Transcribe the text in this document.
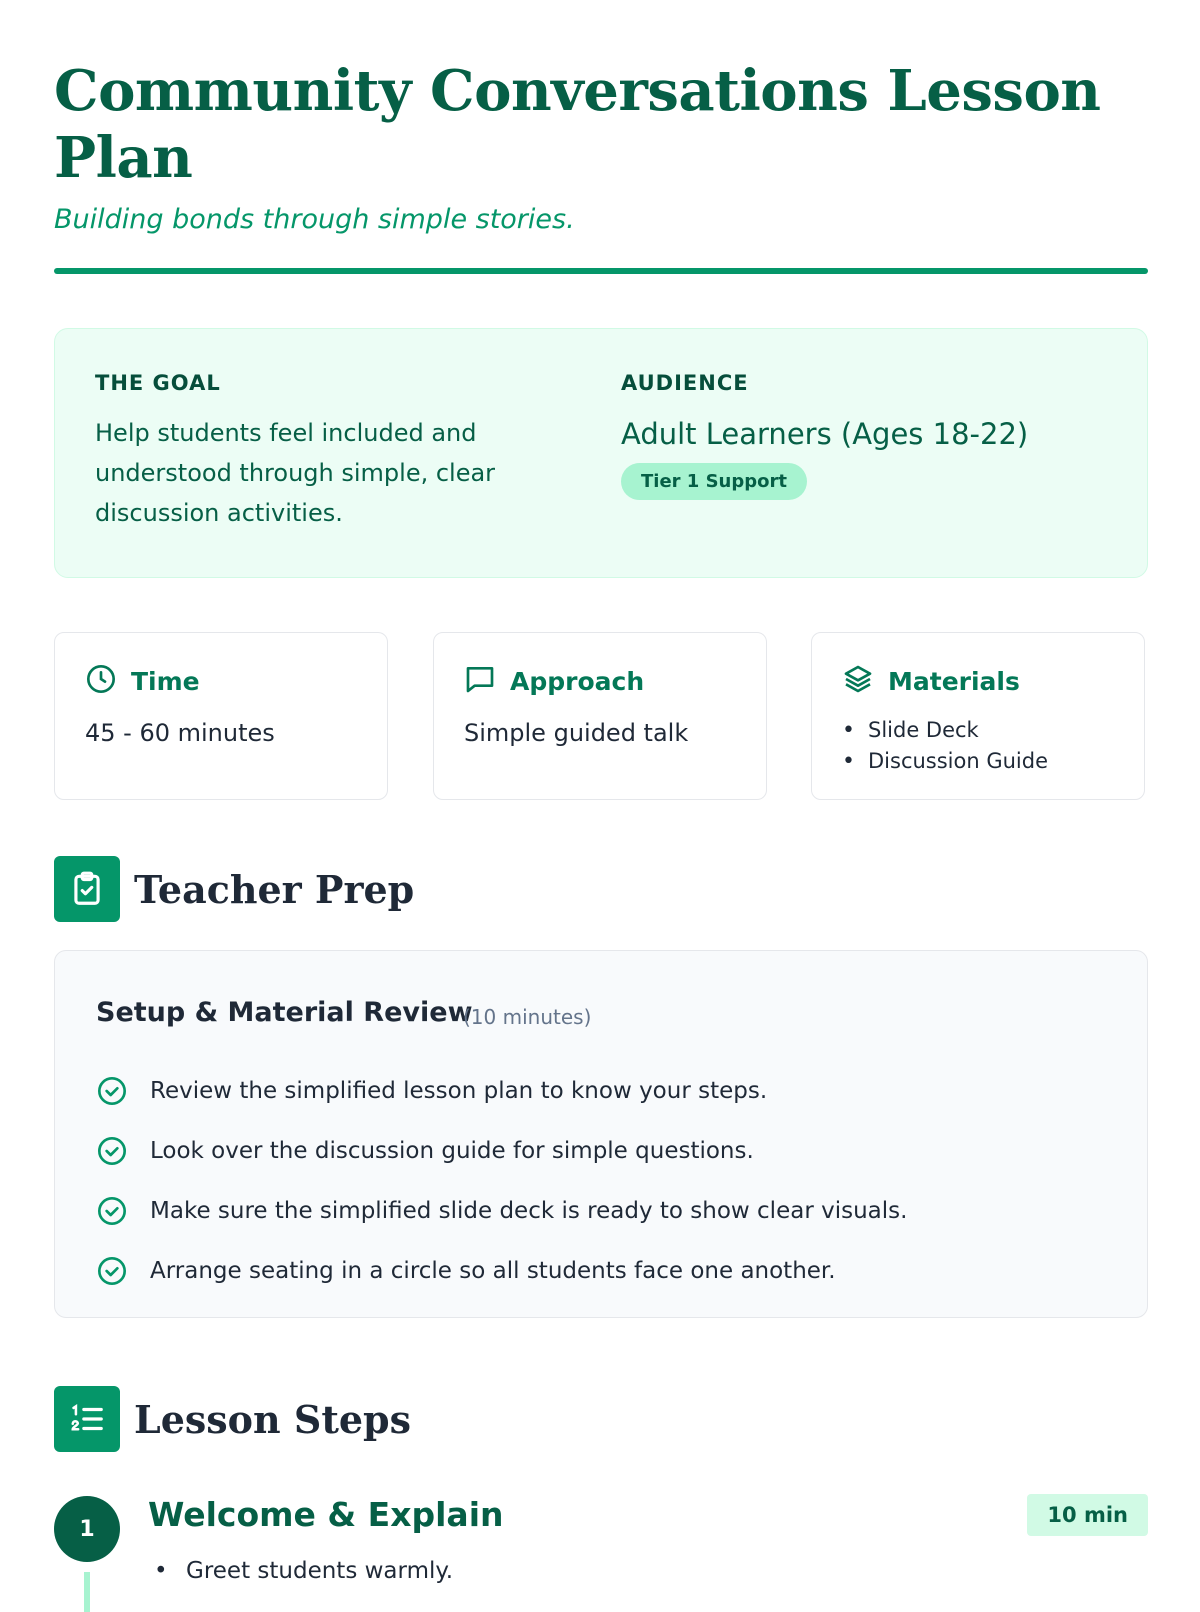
Community Conversations Lesson Plan
Building bonds through simple stories.
THE GOAL
Help students feel included and understood through simple, clear discussion activities.
AUDIENCE
Adult Learners (Ages 18-22)
Tier 1 Support
Time
45 - 60 minutes
Approach
Simple guided talk
Materials
• Slide Deck
• Discussion Guide
Teacher Prep
Setup & Material Review
(10 minutes)
Review the simplified lesson plan to know your steps.
Look over the discussion guide for simple questions.
Make sure the simplified slide deck is ready to show clear visuals.
Arrange seating in a circle so all students face one another.
Lesson Steps
1	Welcome & Explain	10 min
• Greet students warmly.
